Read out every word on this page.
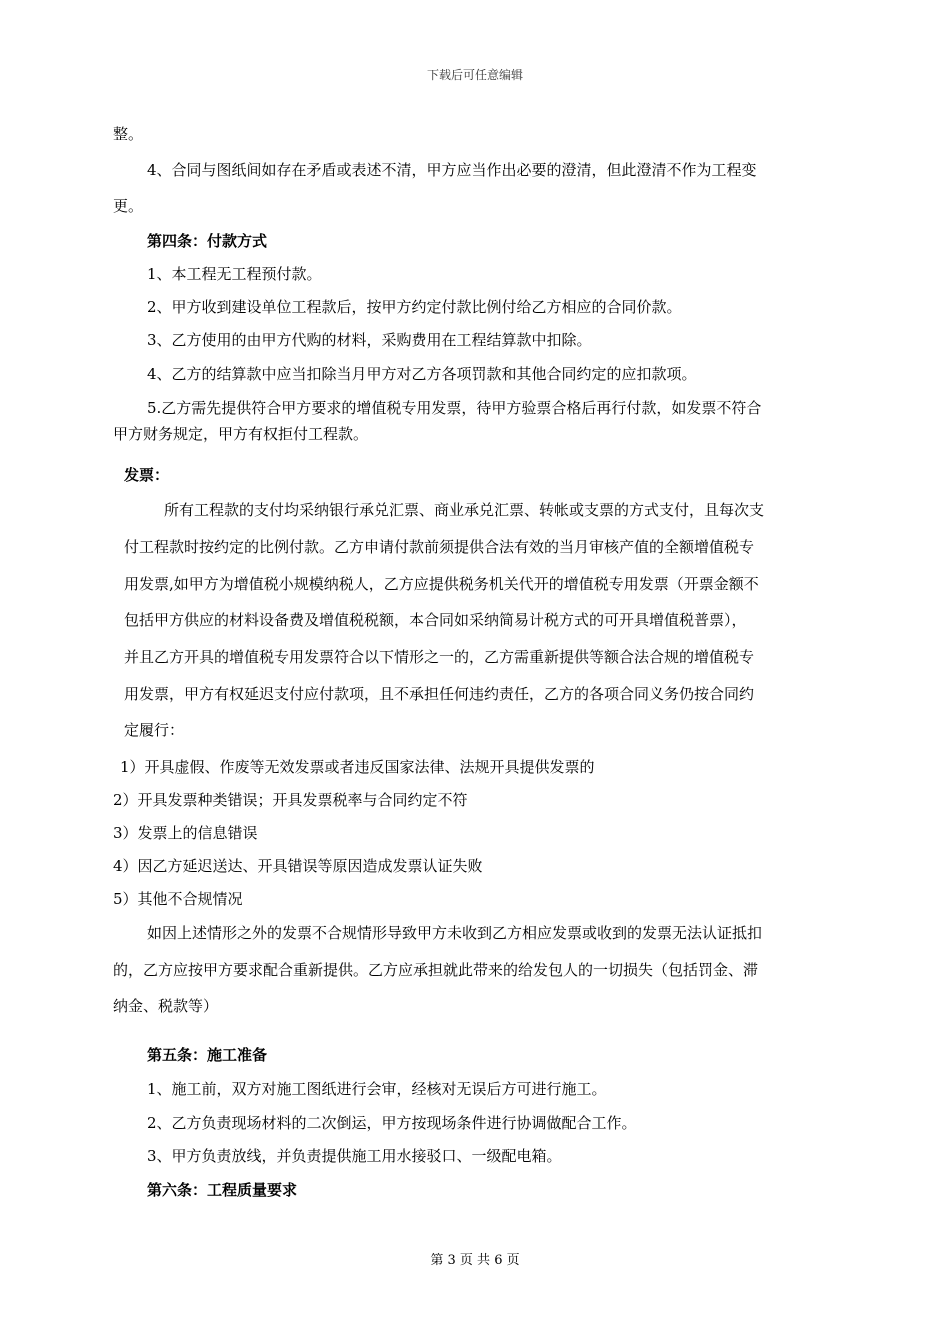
下载后可任意编辑
整。
4、合同与图纸间如存在矛盾或表述不清，甲方应当作出必要的澄清，但此澄清不作为工程变
更。
第四条：付款方式
1、本工程无工程预付款。
2、甲方收到建设单位工程款后，按甲方约定付款比例付给乙方相应的合同价款。
3、乙方使用的由甲方代购的材料，采购费用在工程结算款中扣除。
4、乙方的结算款中应当扣除当月甲方对乙方各项罚款和其他合同约定的应扣款项。
5.乙方需先提供符合甲方要求的增值税专用发票，待甲方验票合格后再行付款，如发票不符合
甲方财务规定，甲方有权拒付工程款。
发票：
所有工程款的支付均采纳银行承兑汇票、商业承兑汇票、转帐或支票的方式支付，且每次支
付工程款时按约定的比例付款。乙方申请付款前须提供合法有效的当月审核产值的全额增值税专
用发票,如甲方为增值税小规模纳税人，乙方应提供税务机关代开的增值税专用发票（开票金额不
包括甲方供应的材料设备费及增值税税额，本合同如采纳简易计税方式的可开具增值税普票），
并且乙方开具的增值税专用发票符合以下情形之一的，乙方需重新提供等额合法合规的增值税专
用发票，甲方有权延迟支付应付款项，且不承担任何违约责任，乙方的各项合同义务仍按合同约
定履行：
1）开具虚假、作废等无效发票或者违反国家法律、法规开具提供发票的
2）开具发票种类错误；开具发票税率与合同约定不符
3）发票上的信息错误
4）因乙方延迟送达、开具错误等原因造成发票认证失败
5）其他不合规情况
如因上述情形之外的发票不合规情形导致甲方未收到乙方相应发票或收到的发票无法认证抵扣
的，乙方应按甲方要求配合重新提供。乙方应承担就此带来的给发包人的一切损失（包括罚金、滞
纳金、税款等）
第五条：施工准备
1、施工前，双方对施工图纸进行会审，经核对无误后方可进行施工。
2、乙方负责现场材料的二次倒运，甲方按现场条件进行协调做配合工作。
3、甲方负责放线，并负责提供施工用水接驳口、一级配电箱。
第六条：工程质量要求
第 3 页 共 6 页
